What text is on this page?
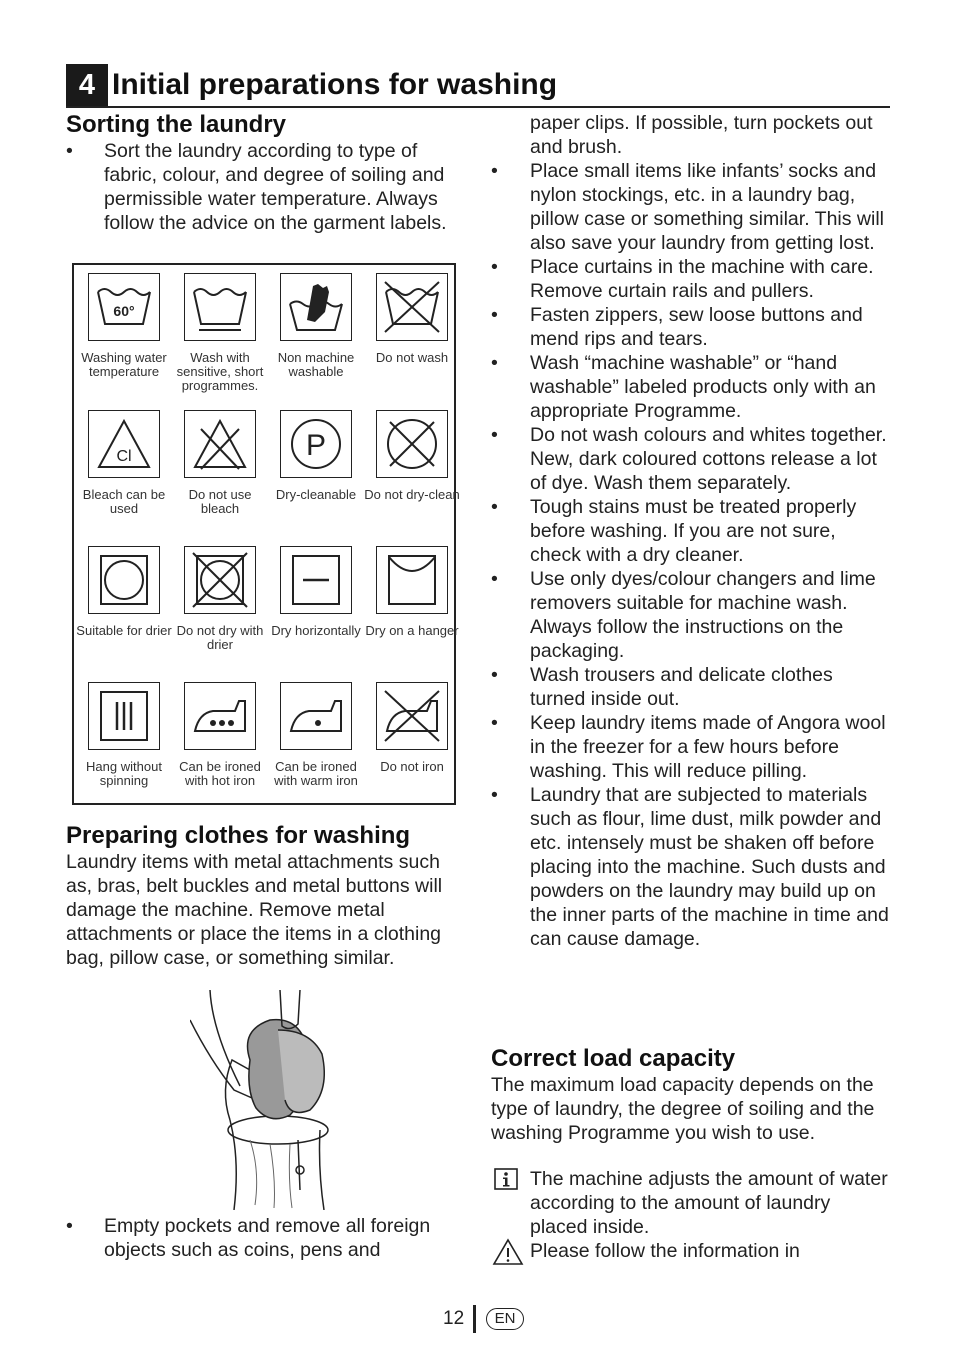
4 Initial preparations for washing
Sorting the laundry
• Sort the laundry according to type of fabric, colour, and degree of soiling and permissible water temperature. Always follow the advice on the garment labels.
60°
Washing water temperature
Wash with sensitive, short programmes.
Non machine washable
Do not wash
Cl
Bleach can be used
Do not use bleach
P
Dry-cleanable Do not dry-clean
Suitable for drier Do not dry with drier
Dry horizontally Dry on a hanger
Hang without spinning
Can be ironed with hot iron
Can be ironed with warm iron
Do not iron
Preparing clothes for washing

Laundry items with metal attachments such as, bras, belt buckles and metal buttons will damage the machine. Remove metal attachments or place the items in a clothing bag, pillow case, or something similar.

• Empty pockets and remove all foreign objects such as coins, pens and
paper clips. If possible, turn pockets out and brush.
• Place small items like infants’ socks and nylon stockings, etc. in a laundry bag, pillow case or something similar. This will also save your laundry from getting lost.
• Place curtains in the machine with care. Remove curtain rails and pullers.
• Fasten zippers, sew loose buttons and mend rips and tears.
• Wash “machine washable” or “hand washable” labeled products only with an appropriate Programme.
• Do not wash colours and whites together. New, dark coloured cottons release a lot of dye. Wash them separately.
• Tough stains must be treated properly before washing. If you are not sure, check with a dry cleaner.
• Use only dyes/colour changers and lime removers suitable for machine wash. Always follow the instructions on the packaging.
• Wash trousers and delicate clothes turned inside out.
• Keep laundry items made of Angora wool in the freezer for a few hours before washing. This will reduce pilling.
• Laundry that are subjected to materials such as flour, lime dust, milk powder and etc. intensely must be shaken off before placing into the machine. Such dusts and powders on the laundry may build up on the inner parts of the machine in time and can cause damage.
Correct load capacity

The maximum load capacity depends on the type of laundry, the degree of soiling and the washing Programme you wish to use.

The machine adjusts the amount of water according to the amount of laundry placed inside.

Please follow the information in

12	EN
